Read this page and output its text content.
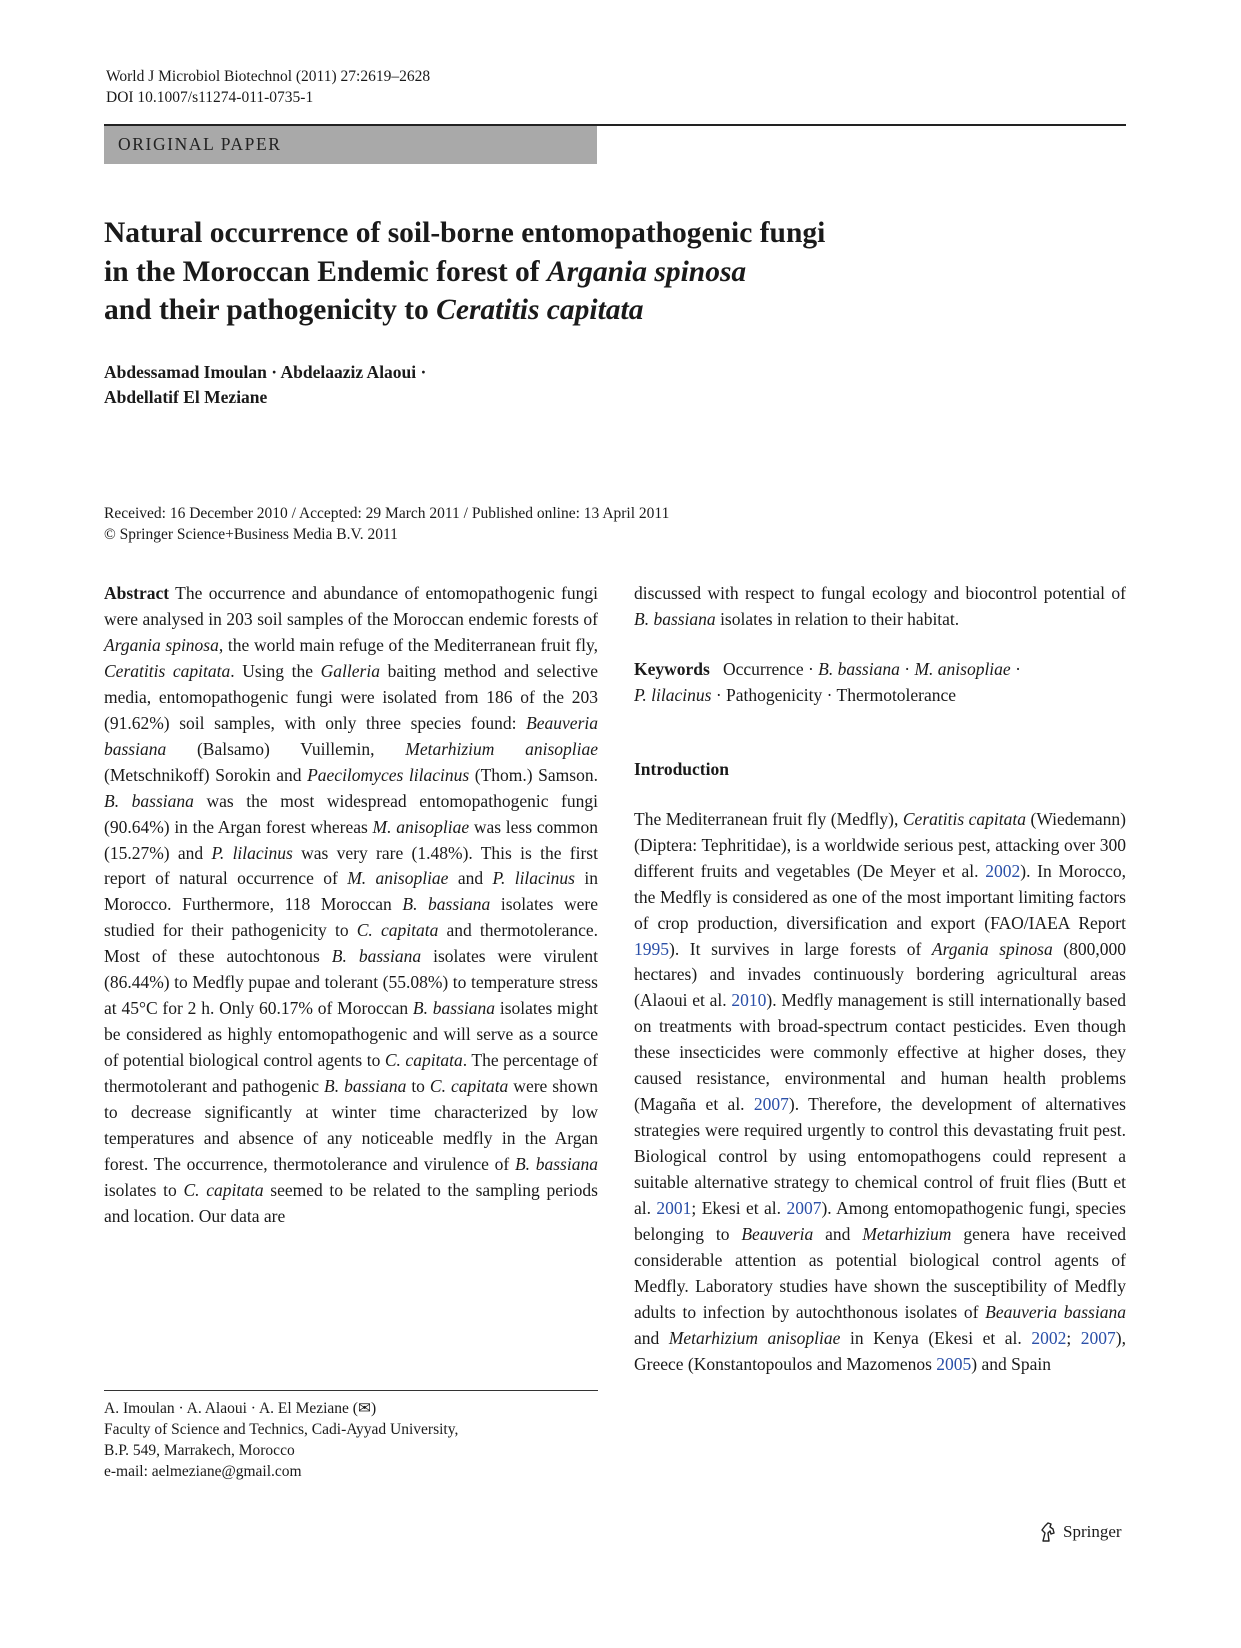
World J Microbiol Biotechnol (2011) 27:2619–2628
DOI 10.1007/s11274-011-0735-1
ORIGINAL PAPER
Natural occurrence of soil-borne entomopathogenic fungi
in the Moroccan Endemic forest of Argania spinosa
and their pathogenicity to Ceratitis capitata
Abdessamad Imoulan · Abdelaaziz Alaoui ·
Abdellatif El Meziane
Received: 16 December 2010 / Accepted: 29 March 2011 / Published online: 13 April 2011
© Springer Science+Business Media B.V. 2011

Abstract The occurrence and abundance of entomopathogenic fungi were analysed in 203 soil samples of the Moroccan endemic forests of Argania spinosa, the world main refuge of the Mediterranean fruit fly, Ceratitis capitata. Using the Galleria baiting method and selective media, entomopathogenic fungi were isolated from 186 of the 203 (91.62%) soil samples, with only three species found: Beauveria bassiana (Balsamo) Vuillemin, Metarhizium anisopliae (Metschnikoff) Sorokin and Paecilomyces lilacinus (Thom.) Samson. B. bassiana was the most widespread entomopathogenic fungi (90.64%) in the Argan forest whereas M. anisopliae was less common (15.27%) and P. lilacinus was very rare (1.48%). This is the first report of natural occurrence of M. anisopliae and P. lilacinus in Morocco. Furthermore, 118 Moroccan B. bassiana isolates were studied for their pathogenicity to C. capitata and thermotolerance. Most of these autochtonous B. bassiana isolates were virulent (86.44%) to Medfly pupae and tolerant (55.08%) to temperature stress at 45°C for 2 h. Only 60.17% of Moroccan B. bassiana isolates might be considered as highly entomopathogenic and will serve as a source of potential biological control agents to C. capitata. The percentage of thermotolerant and pathogenic B. bassiana to C. capitata were shown to decrease significantly at winter time characterized by low temperatures and absence of any noticeable medfly in the Argan forest. The occurrence, thermotolerance and virulence of B. bassiana isolates to C. capitata seemed to be related to the sampling periods and location. Our data are

A. Imoulan · A. Alaoui · A. El Meziane (✉)
Faculty of Science and Technics, Cadi-Ayyad University,
B.P. 549, Marrakech, Morocco
e-mail: aelmeziane@gmail.com

discussed with respect to fungal ecology and biocontrol potential of B. bassiana isolates in relation to their habitat.

Keywords Occurrence · B. bassiana · M. anisopliae ·
P. lilacinus · Pathogenicity · Thermotolerance

Introduction

The Mediterranean fruit fly (Medfly), Ceratitis capitata (Wiedemann) (Diptera: Tephritidae), is a worldwide serious pest, attacking over 300 different fruits and vegetables (De Meyer et al. 2002). In Morocco, the Medfly is considered as one of the most important limiting factors of crop production, diversification and export (FAO/IAEA Report 1995). It survives in large forests of Argania spinosa (800,000 hectares) and invades continuously bordering agricultural areas (Alaoui et al. 2010). Medfly management is still internationally based on treatments with broad-spectrum contact pesticides. Even though these insecticides were commonly effective at higher doses, they caused resistance, environmental and human health problems (Magaña et al. 2007). Therefore, the development of alternatives strategies were required urgently to control this devastating fruit pest. Biological control by using entomopathogens could represent a suitable alternative strategy to chemical control of fruit flies (Butt et al. 2001; Ekesi et al. 2007). Among entomopathogenic fungi, species belonging to Beauveria and Metarhizium genera have received considerable attention as potential biological control agents of Medfly. Laboratory studies have shown the susceptibility of Medfly adults to infection by autochthonous isolates of Beauveria bassiana and Metarhizium anisopliae in Kenya (Ekesi et al. 2002; 2007), Greece (Konstantopoulos and Mazomenos 2005) and Spain

Springer
